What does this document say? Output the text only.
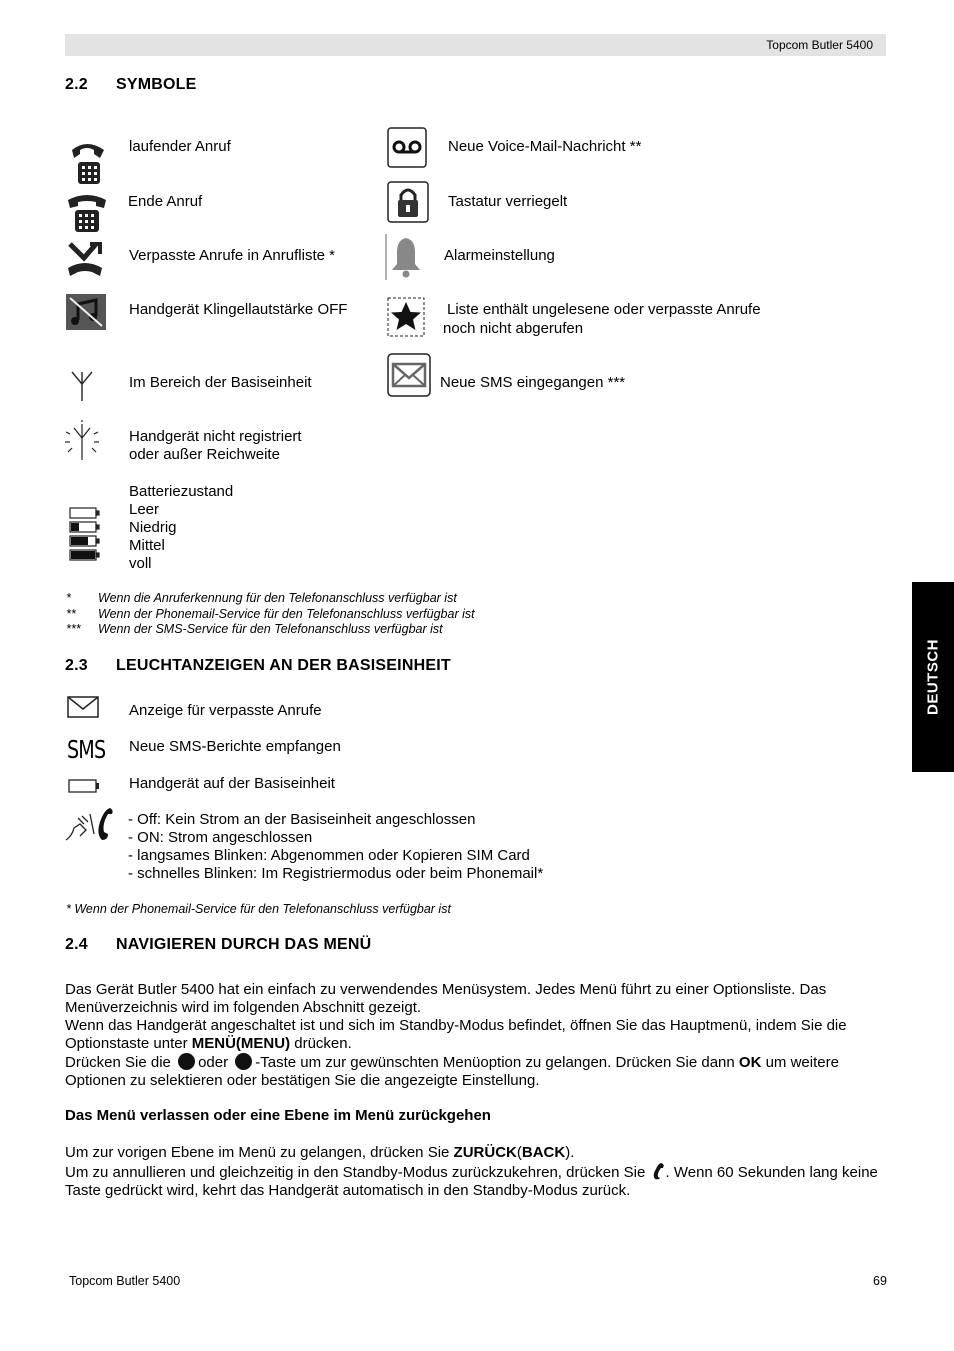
Topcom Butler 5400
DEUTSCH
2.2 SYMBOLE
laufender Anruf
Ende Anruf
Verpasste Anrufe in Anrufliste *
Handgerät Klingellautstärke OFF
Im Bereich der Basiseinheit
Handgerät nicht registriert
oder außer Reichweite
Batteriezustand
Leer
Niedrig
Mittel
voll
Neue Voice-Mail-Nachricht **
Tastatur verriegelt
Alarmeinstellung
Liste enthält ungelesene oder verpasste Anrufe
noch nicht abgerufen
Neue SMS eingegangen ***
* Wenn die Anruferkennung für den Telefonanschluss verfügbar ist
** Wenn der Phonemail-Service für den Telefonanschluss verfügbar ist
*** Wenn der SMS-Service für den Telefonanschluss verfügbar ist
2.3 LEUCHTANZEIGEN AN DER BASISEINHEIT
SMS
Anzeige für verpasste Anrufe
Neue SMS-Berichte empfangen
Handgerät auf der Basiseinheit
- Off: Kein Strom an der Basiseinheit angeschlossen
- ON: Strom angeschlossen
- langsames Blinken: Abgenommen oder Kopieren SIM Card
- schnelles Blinken: Im Registriermodus oder beim Phonemail*
* Wenn der Phonemail-Service für den Telefonanschluss verfügbar ist
2.4 NAVIGIEREN DURCH DAS MENÜ
Das Gerät Butler 5400 hat ein einfach zu verwendendes Menüsystem. Jedes Menü führt zu einer Optionsliste. Das Menüverzeichnis wird im folgenden Abschnitt gezeigt.
Wenn das Handgerät angeschaltet ist und sich im Standby-Modus befindet, öffnen Sie das Hauptmenü, indem Sie die Optionstaste unter MENÜ(MENU) drücken.
Drücken Sie die oder -Taste um zur gewünschten Menüoption zu gelangen. Drücken Sie dann OK um weitere Optionen zu selektieren oder bestätigen Sie die angezeigte Einstellung.
Das Menü verlassen oder eine Ebene im Menü zurückgehen
Um zur vorigen Ebene im Menü zu gelangen, drücken Sie ZURÜCK(BACK).
Um zu annullieren und gleichzeitig in den Standby-Modus zurückzukehren, drücken Sie . Wenn 60 Sekunden lang keine Taste gedrückt wird, kehrt das Handgerät automatisch in den Standby-Modus zurück.
Topcom Butler 5400	69
